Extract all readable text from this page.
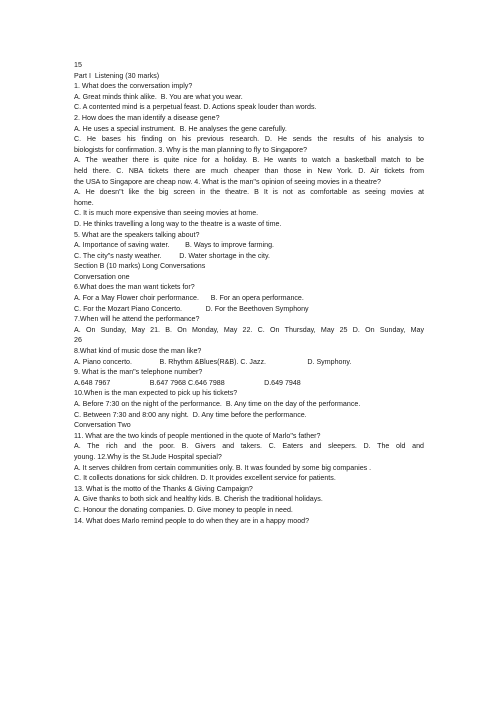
15
Part I  Listening (30 marks)
1. What does the conversation imply?
A. Great minds think alike.  B. You are what you wear.
C. A contented mind is a perpetual feast. D. Actions speak louder than words.
2. How does the man identify a disease gene?
A. He uses a special instrument.  B. He analyses the gene carefully.
C. He bases his finding on his previous research. D. He sends the results of his analysis to
biologists for confirmation. 3. Why is the man planning to fly to Singapore?
A. The weather there is quite nice for a holiday. B. He wants to watch a basketball match to be
held there. C. NBA tickets there are much cheaper than those in New York. D. Air tickets from
the USA to Singapore are cheap now. 4. What is the man"s opinion of seeing movies in a theatre?
A. He doesn"t like the big screen in the theatre. B It is not as comfortable as seeing movies at
home.
C. It is much more expensive than seeing movies at home.
D. He thinks travelling a long way to the theatre is a waste of time.
5. What are the speakers talking about?
A. Importance of saving water.        B. Ways to improve farming.
C. The city"s nasty weather.         D. Water shortage in the city.
Section B (10 marks) Long Conversations
Conversation one
6.What does the man want tickets for?
A. For a May Flower choir performance.      B. For an opera performance.
C. For the Mozart Piano Concerto.            D. For the Beethoven Symphony
7.When will he attend the performance?
A. On Sunday, May 21. B. On Monday, May 22. C. On Thursday, May 25 D. On Sunday, May
26
8.What kind of music dose the man like?
A. Piano concerto.              B. Rhythm &Blues(R&B). C. Jazz.                     D. Symphony.
9. What is the man"s telephone number?
A.648 7967                    B.647 7968 C.646 7988                    D.649 7948
10.When is the man expected to pick up his tickets?
A. Before 7:30 on the night of the performance.  B. Any time on the day of the performance.
C. Between 7:30 and 8:00 any night.  D. Any time before the performance.
Conversation Two
11. What are the two kinds of people mentioned in the quote of Marlo"s father?
A. The rich and the poor. B. Givers and takers. C. Eaters and sleepers. D. The old and
young. 12.Why is the St.Jude Hospital special?
A. It serves children from certain communities only. B. It was founded by some big companies .
C. It collects donations for sick children. D. It provides excellent service for patients.
13. What is the motto of the Thanks & Giving Campaign?
A. Give thanks to both sick and healthy kids. B. Cherish the traditional holidays.
C. Honour the donating companies. D. Give money to people in need.
14. What does Marlo remind people to do when they are in a happy mood?
